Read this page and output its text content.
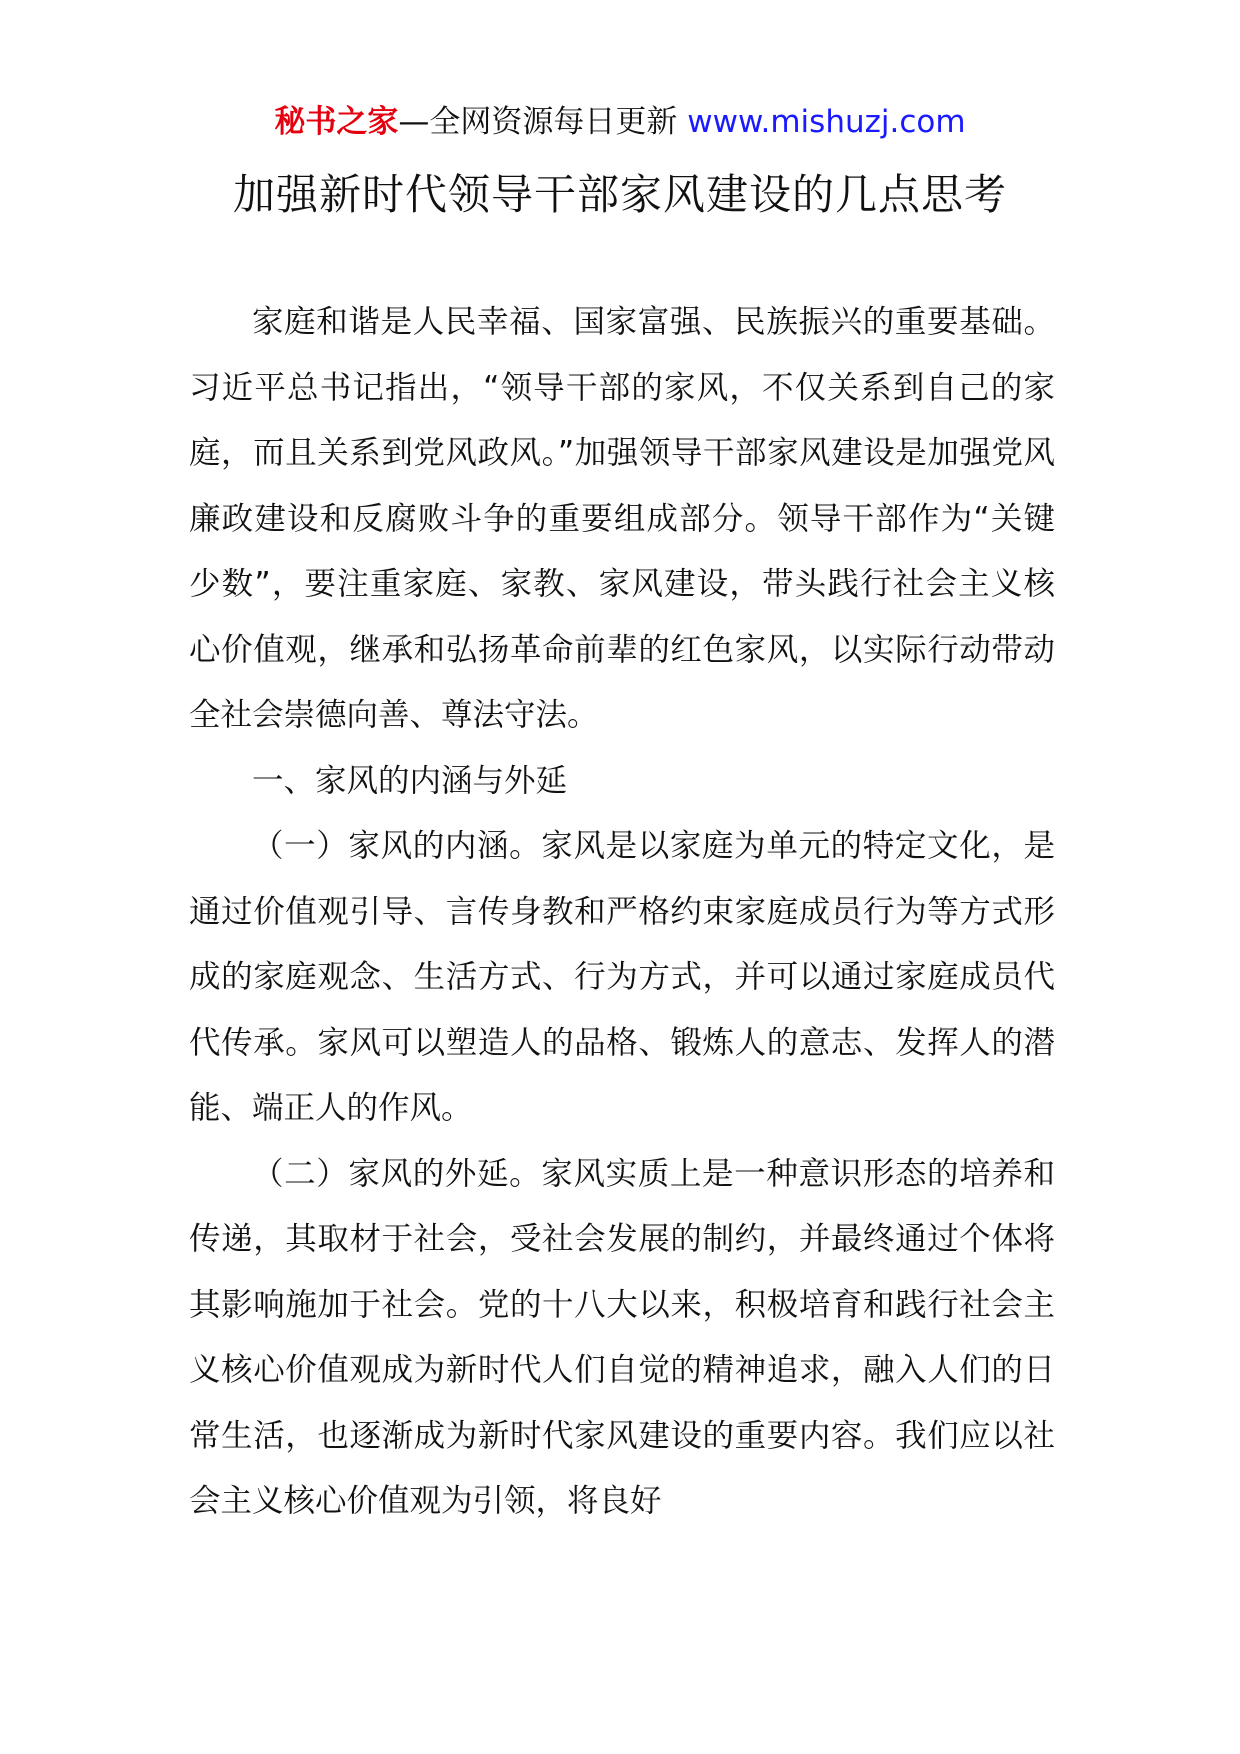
秘书之家—全网资源每日更新 www.mishuzj.com
加强新时代领导干部家风建设的几点思考

家庭和谐是人民幸福、国家富强、民族振兴的重要基础。习近平总书记指出，“领导干部的家风，不仅关系到自己的家庭，而且关系到党风政风。”加强领导干部家风建设是加强党风廉政建设和反腐败斗争的重要组成部分。领导干部作为“关键少数”，要注重家庭、家教、家风建设，带头践行社会主义核心价值观，继承和弘扬革命前辈的红色家风，以实际行动带动全社会崇德向善、尊法守法。

一、家风的内涵与外延

（一）家风的内涵。家风是以家庭为单元的特定文化，是通过价值观引导、言传身教和严格约束家庭成员行为等方式形成的家庭观念、生活方式、行为方式，并可以通过家庭成员代代传承。家风可以塑造人的品格、锻炼人的意志、发挥人的潜能、端正人的作风。

（二）家风的外延。家风实质上是一种意识形态的培养和传递，其取材于社会，受社会发展的制约，并最终通过个体将其影响施加于社会。党的十八大以来，积极培育和践行社会主义核心价值观成为新时代人们自觉的精神追求，融入人们的日常生活，也逐渐成为新时代家风建设的重要内容。我们应以社会主义核心价值观为引领，将良好
